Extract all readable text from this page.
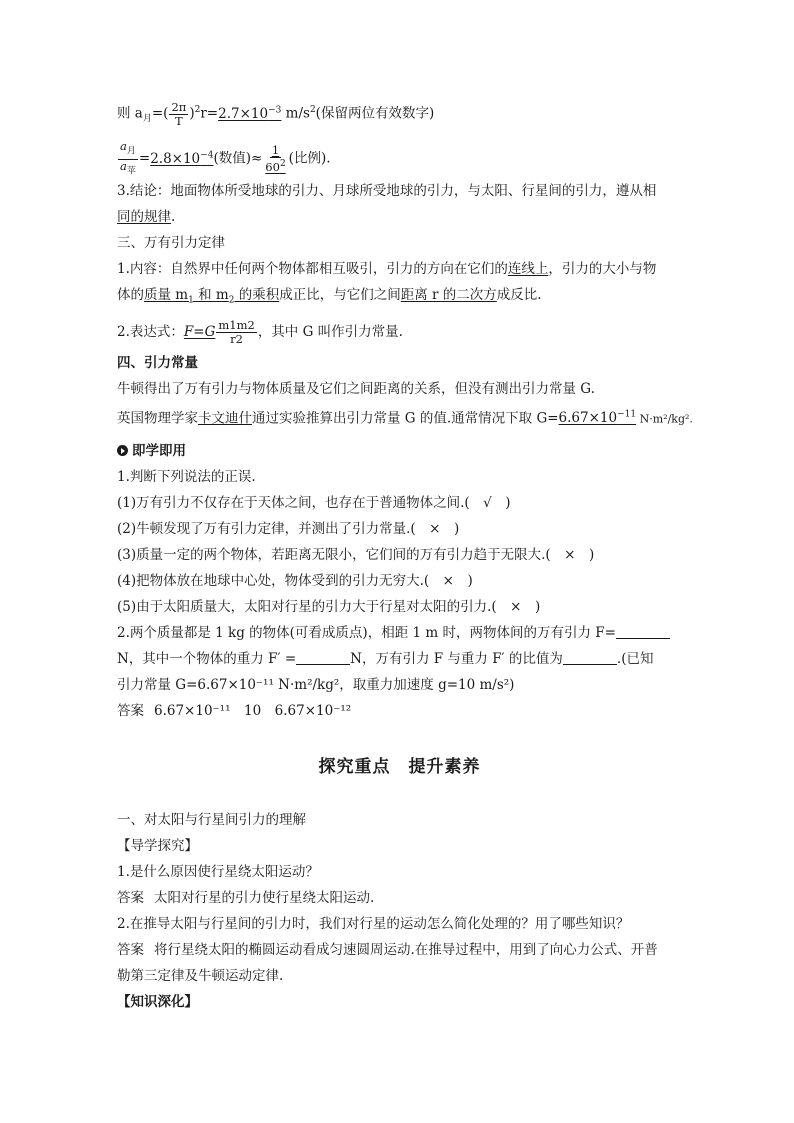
则 $a_月=( \frac{2\pi}{T} )^2r=2.7\times 10^{-3}$ $m/s^2$(保留两位有效数字)
$\frac{a_月}{a_苹} =2.8\times 10^{-4}$(数值)≈ $\frac{1}{60^2}$ (比例).
3.结论：地面物体所受地球的引力、月球所受地球的引力，与太阳、行星间的引力，遵从相
同的规律.
三、万有引力定律
1.内容：自然界中任何两个物体都相互吸引，引力的方向在它们的连线上，引力的大小与物
体的质量 $m_1$ 和 $m_2$ 的乘积成正比，与它们之间距离 r 的二次方成反比.
2.表达式：$F=G \frac{m1m2}{r2}$ ，其中 G 叫作引力常量.
四、引力常量
牛顿得出了万有引力与物体质量及它们之间距离的关系，但没有测出引力常量 G.
英国物理学家卡文迪什通过实验推算出引力常量 G 的值.通常情况下取 $G=6.67\times 10^{-11}$ N·m²/kg².
即学即用
1.判断下列说法的正误.
(1)万有引力不仅存在于天体之间，也存在于普通物体之间.(　√　)
(2)牛顿发现了万有引力定律，并测出了引力常量.(　×　)
(3)质量一定的两个物体，若距离无限小，它们间的万有引力趋于无限大.(　×　)
(4)把物体放在地球中心处，物体受到的引力无穷大.(　×　)
(5)由于太阳质量大，太阳对行星的引力大于行星对太阳的引力.(　×　)
2.两个质量都是 1 kg 的物体(可看成质点)，相距 1 m 时，两物体间的万有引力 F=
N，其中一个物体的重力 F′ =	N，万有引力 F 与重力 F′ 的比值为	.(已知
引力常量 G=6.67×10⁻¹¹ N·m²/kg²，取重力加速度 g=10 m/s²)
答案 6.67×10⁻¹¹　10　6.67×10⁻¹²
探究重点　提升素养
一、对太阳与行星间引力的理解
【导学探究】
1.是什么原因使行星绕太阳运动？
答案 太阳对行星的引力使行星绕太阳运动.
2.在推导太阳与行星间的引力时，我们对行星的运动怎么简化处理的？用了哪些知识？
答案 将行星绕太阳的椭圆运动看成匀速圆周运动.在推导过程中，用到了向心力公式、开普
勒第三定律及牛顿运动定律.
【知识深化】
